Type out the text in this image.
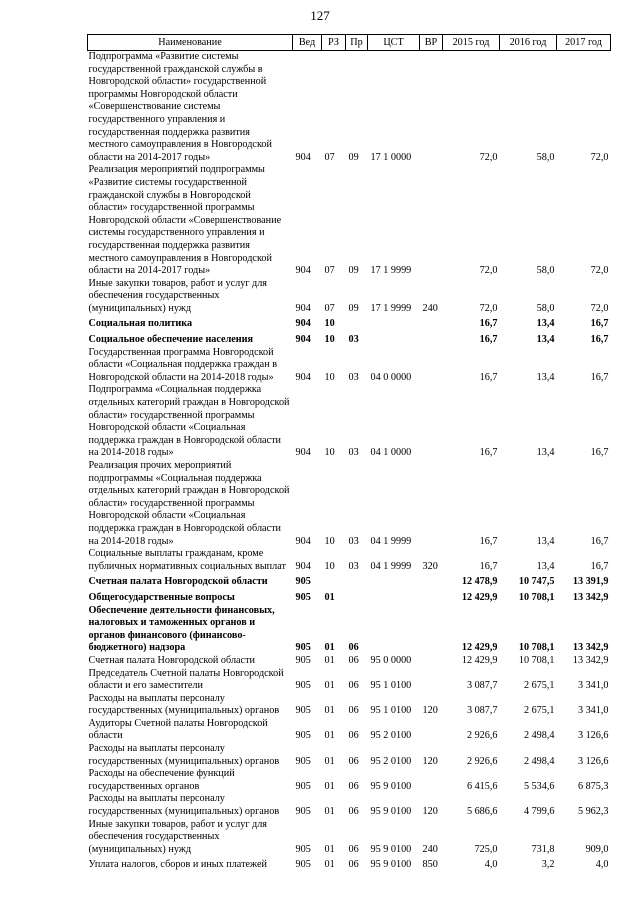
127
Наименование	Вед	РЗ	Пр	ЦСТ	ВР	2015 год	2016 год	2017 год
Подпрограмма «Развитие системы государственной гражданской службы в Новгородской области» государственной программы Новгородской области «Совершенствование системы государственного управления и государственная поддержка развития местного самоуправления в Новгородской области на 2014-2017 годы»	904	07	09	17 1 0000		72,0	58,0	72,0
Реализация мероприятий подпрограммы «Развитие системы государственной гражданской службы в Новгородской области» государственной программы Новгородской области «Совершенствование системы государственного управления и государственная поддержка развития местного самоуправления в Новгородской области на 2014-2017 годы»	904	07	09	17 1 9999		72,0	58,0	72,0
Иные закупки товаров, работ и услуг для обеспечения государственных (муниципальных) нужд	904	07	09	17 1 9999	240	72,0	58,0	72,0
Социальная политика	904	10				16,7	13,4	16,7
Социальное обеспечение населения	904	10	03			16,7	13,4	16,7
Государственная программа Новгородской области «Социальная поддержка граждан в Новгородской области на 2014-2018 годы»	904	10	03	04 0 0000		16,7	13,4	16,7
Подпрограмма «Социальная поддержка отдельных категорий граждан в Новгородской области» государственной программы Новгородской области «Социальная поддержка граждан в Новгородской области на 2014-2018 годы»	904	10	03	04 1 0000		16,7	13,4	16,7
Реализация прочих мероприятий подпрограммы «Социальная поддержка отдельных категорий граждан в Новгородской области» государственной программы Новгородской области «Социальная поддержка граждан в Новгородской области на 2014-2018 годы»	904	10	03	04 1 9999		16,7	13,4	16,7
Социальные выплаты гражданам, кроме публичных нормативных социальных выплат	904	10	03	04 1 9999	320	16,7	13,4	16,7
Счетная палата Новгородской области	905					12 478,9	10 747,5	13 391,9
Общегосударственные вопросы	905	01				12 429,9	10 708,1	13 342,9
Обеспечение деятельности финансовых, налоговых и таможенных органов и органов финансового (финансово-бюджетного) надзора	905	01	06			12 429,9	10 708,1	13 342,9
Счетная палата Новгородской области	905	01	06	95 0 0000		12 429,9	10 708,1	13 342,9
Председатель Счетной палаты Новгородской области и его заместители	905	01	06	95 1 0100		3 087,7	2 675,1	3 341,0
Расходы на выплаты персоналу государственных (муниципальных) органов	905	01	06	95 1 0100	120	3 087,7	2 675,1	3 341,0
Аудиторы Счетной палаты Новгородской области	905	01	06	95 2 0100		2 926,6	2 498,4	3 126,6
Расходы на выплаты персоналу государственных (муниципальных) органов	905	01	06	95 2 0100	120	2 926,6	2 498,4	3 126,6
Расходы на обеспечение функций государственных органов	905	01	06	95 9 0100		6 415,6	5 534,6	6 875,3
Расходы на выплаты персоналу государственных (муниципальных) органов	905	01	06	95 9 0100	120	5 686,6	4 799,6	5 962,3
Иные закупки товаров, работ и услуг для обеспечения государственных (муниципальных) нужд	905	01	06	95 9 0100	240	725,0	731,8	909,0
Уплата налогов, сборов и иных платежей	905	01	06	95 9 0100	850	4,0	3,2	4,0
